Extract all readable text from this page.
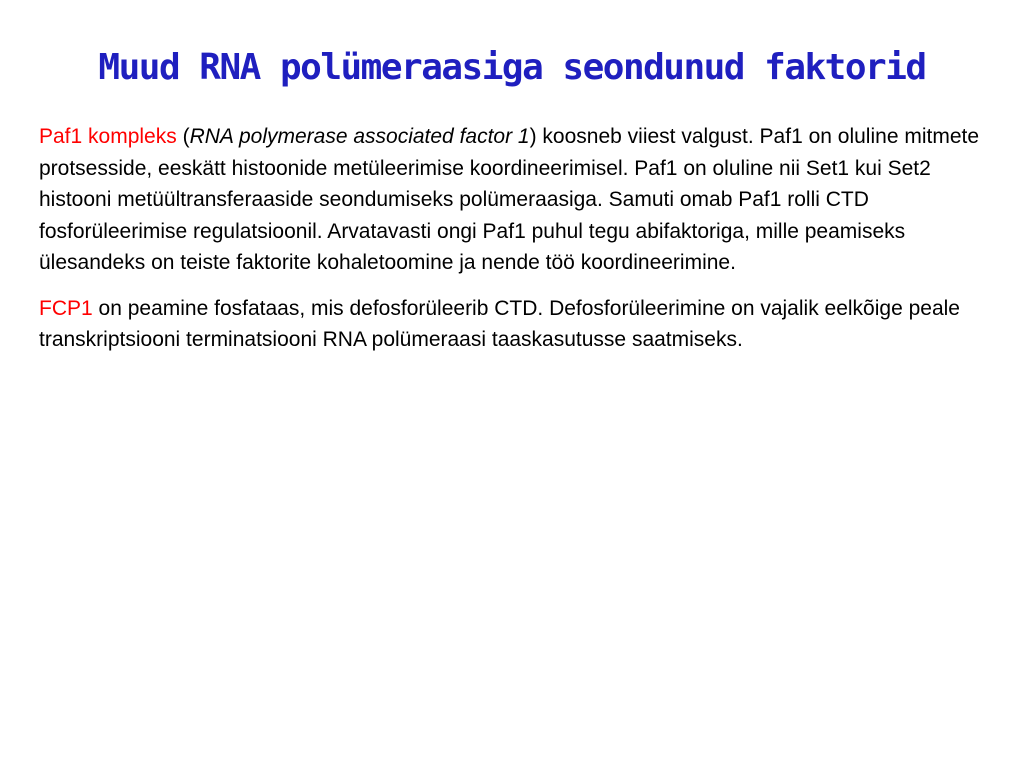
Muud RNA polümeraasiga seondunud faktorid

Paf1 kompleks (RNA polymerase associated factor 1) koosneb viiest valgust. Paf1 on oluline mitmete protsesside, eeskätt histoonide metüleerimise koordineerimisel. Paf1 on oluline nii Set1 kui Set2 histooni metüültransferaaside seondumiseks polümeraasiga. Samuti omab Paf1 rolli CTD fosforüleerimise regulatsioonil. Arvatavasti ongi Paf1 puhul tegu abifaktoriga, mille peamiseks ülesandeks on teiste faktorite kohaletoomine ja nende töö koordineerimine.

FCP1 on peamine fosfataas, mis defosforüleerib CTD. Defosforüleerimine on vajalik eelkõige peale transkriptsiooni terminatsiooni RNA polümeraasi taaskasutusse saatmiseks.
